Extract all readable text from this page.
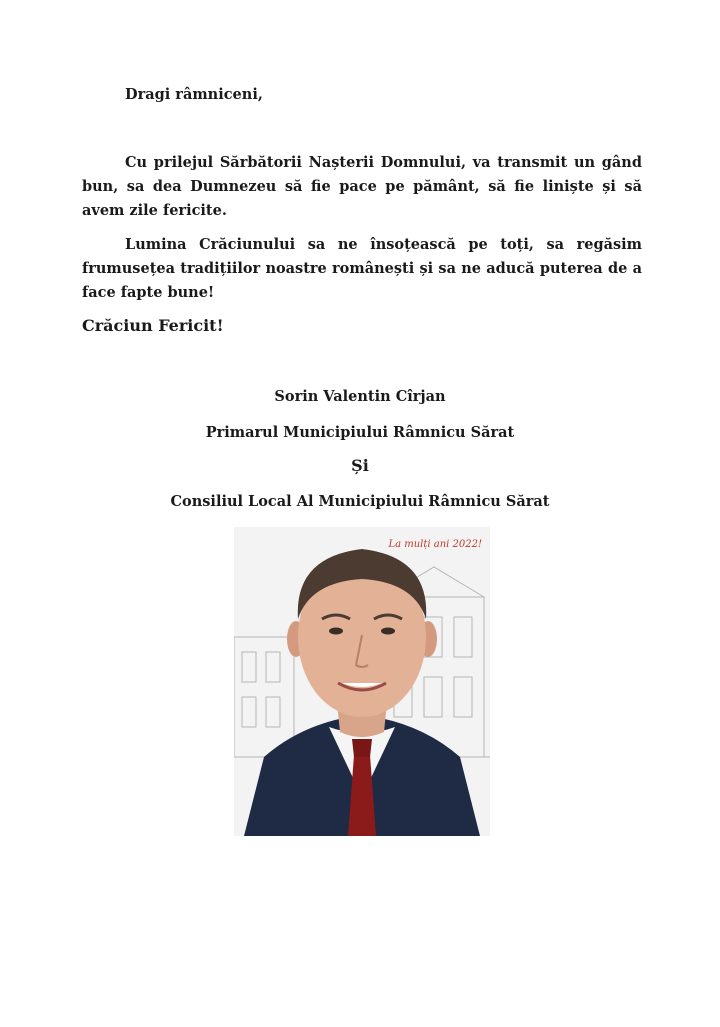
Dragi râmniceni,
Cu prilejul Sărbătorii Nașterii Domnului, va transmit un gând bun, sa dea Dumnezeu să fie pace pe pământ, să fie liniște și să avem zile fericite.
Lumina Crăciunului sa ne însoțească pe toți, sa regăsim frumusețea tradițiilor noastre românești și sa ne aducă puterea de a face fapte bune!
Crăciun Fericit!
Sorin Valentin Cîrjan
Primarul Municipiului Râmnicu Sărat
Și
Consiliul Local Al Municipiului Râmnicu Sărat
La mulți ani 2022!
